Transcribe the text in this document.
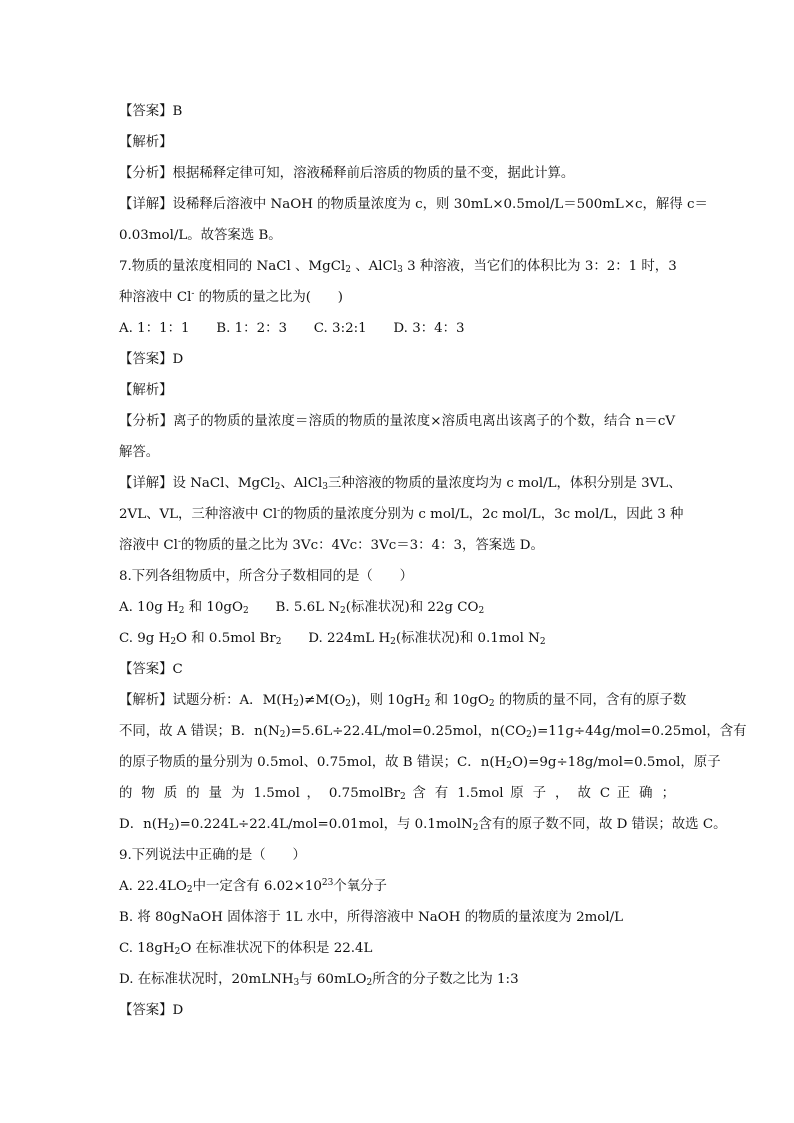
【答案】B
【解析】
【分析】根据稀释定律可知，溶液稀释前后溶质的物质的量不变，据此计算。
【详解】设稀释后溶液中 NaOH 的物质量浓度为 c，则 30mL×0.5mol/L＝500mL×c，解得 c＝
0.03mol/L。故答案选 B。
7.物质的量浓度相同的 NaCl 、MgCl$_2$ 、AlCl$_3$ 3 种溶液，当它们的体积比为 3：2：1 时，3
种溶液中 Cl- 的物质的量之比为(　　)
A. 1：1：1　　B. 1：2：3　　C. 3:2:1　　D. 3：4：3
【答案】D
【解析】
【分析】离子的物质的量浓度＝溶质的物质的量浓度×溶质电离出该离子的个数，结合 n＝cV
解答。
【详解】设 NaCl、MgCl$_2$、AlCl$_3$三种溶液的物质的量浓度均为 c mol/L，体积分别是 3VL、
2VL、VL，三种溶液中 Cl-的物质的量浓度分别为 c mol/L，2c mol/L，3c mol/L，因此 3 种
溶液中 Cl-的物质的量之比为 3Vc：4Vc：3Vc＝3：4：3，答案选 D。
8.下列各组物质中，所含分子数相同的是（　　）
A. 10g $H_2$ 和 $10gO_2$　　B. 5.6L $N_2$(标准状况)和 22g $CO_2$
C. 9g $H_2O$ 和 0.5mol $Br_2$　　D. 224mL $H_2$(标准状况)和 0.1mol $N_2$
【答案】C
【解析】试题分析：A．$M(H_2)\ne M(O_2)$，则 $10gH_2$ 和 $10gO_2$ 的物质的量不同，含有的原子数
不同，故 A 错误；B．$n(N_2)=5.6L\div 22.4L/mol=0.25mol$，$n(CO_2)=11g\div 44g/mol=0.25mol$，含有
的原子物质的量分别为 0.5mol、0.75mol，故 B 错误；C．$n(H_2O)=9g\div 18g/mol=0.5mol$，原子
的 物 质 的 量 为 1.5mol ， 0.75molBr$_2$ 含 有 1.5mol 原 子 ， 故 C 正 确 ；
D．$n(H_2)=0.224L\div 22.4L/mol=0.01mol$，与 0.1molN$_2$含有的原子数不同，故 D 错误；故选 C。
9.下列说法中正确的是（　　）
A. $22.4LO_2$中一定含有 $6.02\times 10^{23}$个氧分子
B. 将 80gNaOH 固体溶于 1L 水中，所得溶液中 NaOH 的物质的量浓度为 2mol/L
C. $18gH_2O$ 在标准状况下的体积是 22.4L
D. 在标准状况时，20mLNH$_3$与 60mLO$_2$所含的分子数之比为 1:3
【答案】D
